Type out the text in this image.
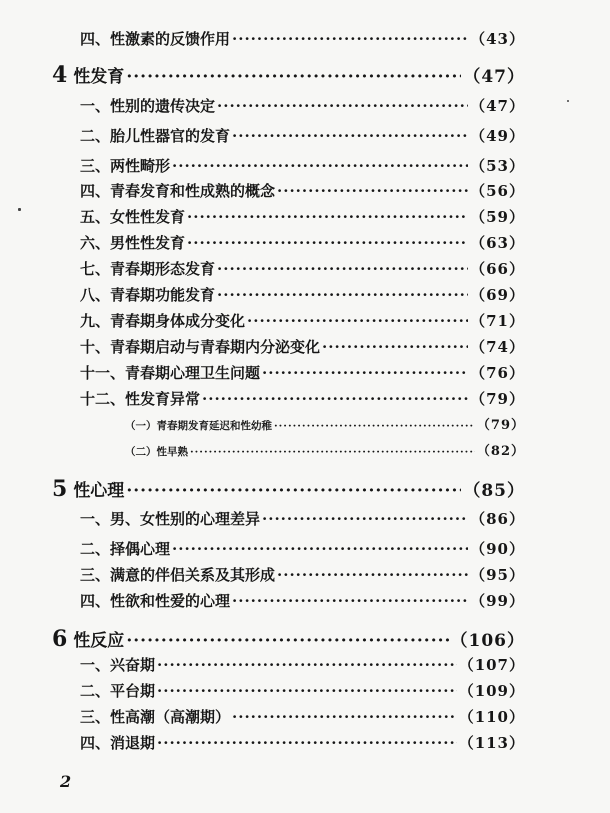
四、性激素的反馈作用 ·····	（43）
4 性发育 ·····	（47）
一、性别的遗传决定 ·····	（47）
二、胎儿性器官的发育 ·····	（49）
三、两性畸形 ·····	（53）
四、青春发育和性成熟的概念 ·····	（56）
五、女性性发育 ·····	（59）
六、男性性发育 ·····	（63）
七、青春期形态发育 ·····	（66）
八、青春期功能发育 ·····	（69）
九、青春期身体成分变化 ·····	（71）
十、青春期启动与青春期内分泌变化 ·····	（74）
十一、青春期心理卫生问题 ·····	（76）
十二、性发育异常 ·····	（79）
（一）青春期发育延迟和性幼稚 ·····	（79）
（二）性早熟 ·····	（82）
5 性心理 ·····	（85）
一、男、女性别的心理差异 ·····	（86）
二、择偶心理 ·····	（90）
三、满意的伴侣关系及其形成 ·····	（95）
四、性欲和性爱的心理 ·····	（99）
6 性反应 ·····	（106）
一、兴奋期 ·····	（107）
二、平台期 ·····	（109）
三、性高潮（高潮期） ·····	（110）
四、消退期 ·····	（113）
2
